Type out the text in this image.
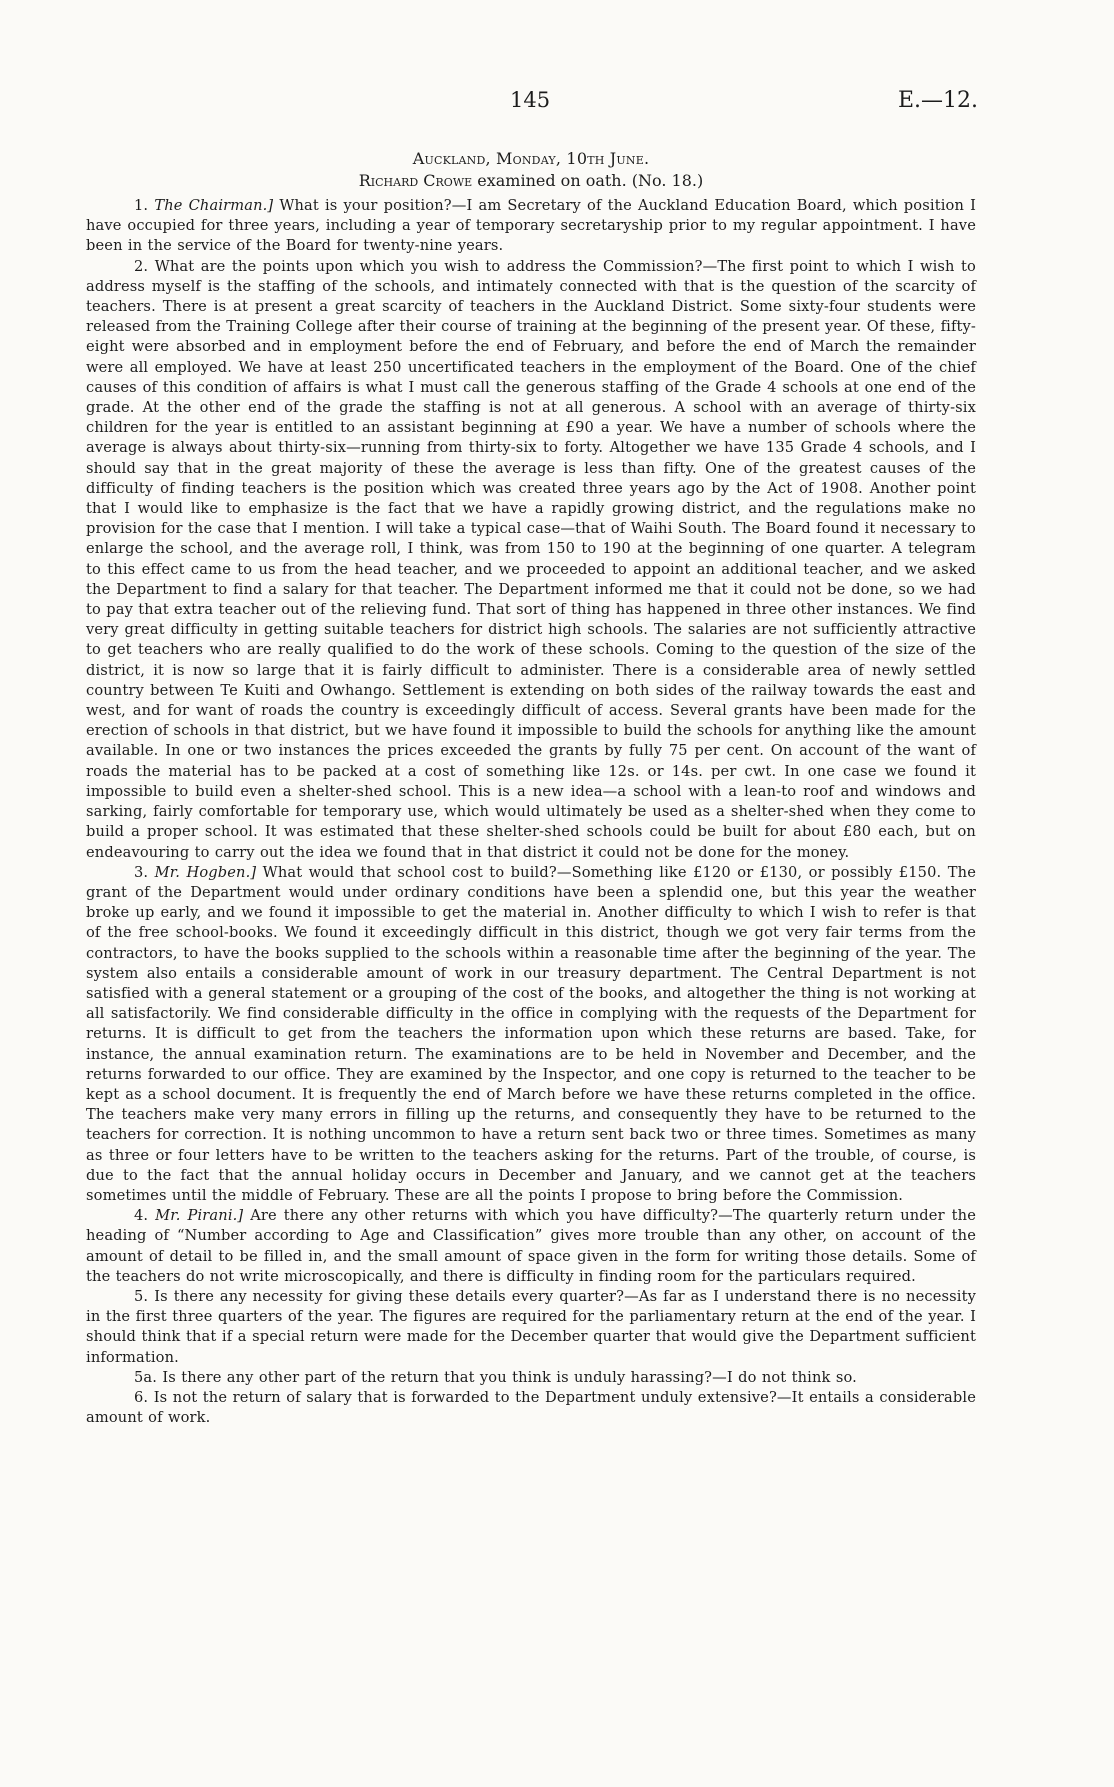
145	E.—12.

Auckland, Monday, 10th June.

Richard Crowe examined on oath. (No. 18.)

1. The Chairman.] What is your position?—I am Secretary of the Auckland Education Board, which position I have occupied for three years, including a year of temporary secretaryship prior to my regular appointment. I have been in the service of the Board for twenty-nine years.

2. What are the points upon which you wish to address the Commission?—The first point to which I wish to address myself is the staffing of the schools, and intimately connected with that is the question of the scarcity of teachers. There is at present a great scarcity of teachers in the Auckland District. Some sixty-four students were released from the Training College after their course of training at the beginning of the present year. Of these, fifty-eight were absorbed and in employment before the end of February, and before the end of March the remainder were all employed. We have at least 250 uncertificated teachers in the employment of the Board. One of the chief causes of this condition of affairs is what I must call the generous staffing of the Grade 4 schools at one end of the grade. At the other end of the grade the staffing is not at all generous. A school with an average of thirty-six children for the year is entitled to an assistant beginning at £90 a year. We have a number of schools where the average is always about thirty-six—running from thirty-six to forty. Altogether we have 135 Grade 4 schools, and I should say that in the great majority of these the average is less than fifty. One of the greatest causes of the difficulty of finding teachers is the position which was created three years ago by the Act of 1908. Another point that I would like to emphasize is the fact that we have a rapidly growing district, and the regulations make no provision for the case that I mention. I will take a typical case—that of Waihi South. The Board found it necessary to enlarge the school, and the average roll, I think, was from 150 to 190 at the beginning of one quarter. A telegram to this effect came to us from the head teacher, and we proceeded to appoint an additional teacher, and we asked the Department to find a salary for that teacher. The Department informed me that it could not be done, so we had to pay that extra teacher out of the relieving fund. That sort of thing has happened in three other instances. We find very great difficulty in getting suitable teachers for district high schools. The salaries are not sufficiently attractive to get teachers who are really qualified to do the work of these schools. Coming to the question of the size of the district, it is now so large that it is fairly difficult to administer. There is a considerable area of newly settled country between Te Kuiti and Owhango. Settlement is extending on both sides of the railway towards the east and west, and for want of roads the country is exceedingly difficult of access. Several grants have been made for the erection of schools in that district, but we have found it impossible to build the schools for anything like the amount available. In one or two instances the prices exceeded the grants by fully 75 per cent. On account of the want of roads the material has to be packed at a cost of something like 12s. or 14s. per cwt. In one case we found it impossible to build even a shelter-shed school. This is a new idea—a school with a lean-to roof and windows and sarking, fairly comfortable for temporary use, which would ultimately be used as a shelter-shed when they come to build a proper school. It was estimated that these shelter-shed schools could be built for about £80 each, but on endeavouring to carry out the idea we found that in that district it could not be done for the money.

3. Mr. Hogben.] What would that school cost to build?—Something like £120 or £130, or possibly £150. The grant of the Department would under ordinary conditions have been a splendid one, but this year the weather broke up early, and we found it impossible to get the material in. Another difficulty to which I wish to refer is that of the free school-books. We found it exceedingly difficult in this district, though we got very fair terms from the contractors, to have the books supplied to the schools within a reasonable time after the beginning of the year. The system also entails a considerable amount of work in our treasury department. The Central Department is not satisfied with a general statement or a grouping of the cost of the books, and altogether the thing is not working at all satisfactorily. We find considerable difficulty in the office in complying with the requests of the Department for returns. It is difficult to get from the teachers the information upon which these returns are based. Take, for instance, the annual examination return. The examinations are to be held in November and December, and the returns forwarded to our office. They are examined by the Inspector, and one copy is returned to the teacher to be kept as a school document. It is frequently the end of March before we have these returns completed in the office. The teachers make very many errors in filling up the returns, and consequently they have to be returned to the teachers for correction. It is nothing uncommon to have a return sent back two or three times. Sometimes as many as three or four letters have to be written to the teachers asking for the returns. Part of the trouble, of course, is due to the fact that the annual holiday occurs in December and January, and we cannot get at the teachers sometimes until the middle of February. These are all the points I propose to bring before the Commission.

4. Mr. Pirani.] Are there any other returns with which you have difficulty?—The quarterly return under the heading of “Number according to Age and Classification” gives more trouble than any other, on account of the amount of detail to be filled in, and the small amount of space given in the form for writing those details. Some of the teachers do not write microscopically, and there is difficulty in finding room for the particulars required.

5. Is there any necessity for giving these details every quarter?—As far as I understand there is no necessity in the first three quarters of the year. The figures are required for the parliamentary return at the end of the year. I should think that if a special return were made for the December quarter that would give the Department sufficient information.

5a. Is there any other part of the return that you think is unduly harassing?—I do not think so.

6. Is not the return of salary that is forwarded to the Department unduly extensive?—It entails a considerable amount of work.
